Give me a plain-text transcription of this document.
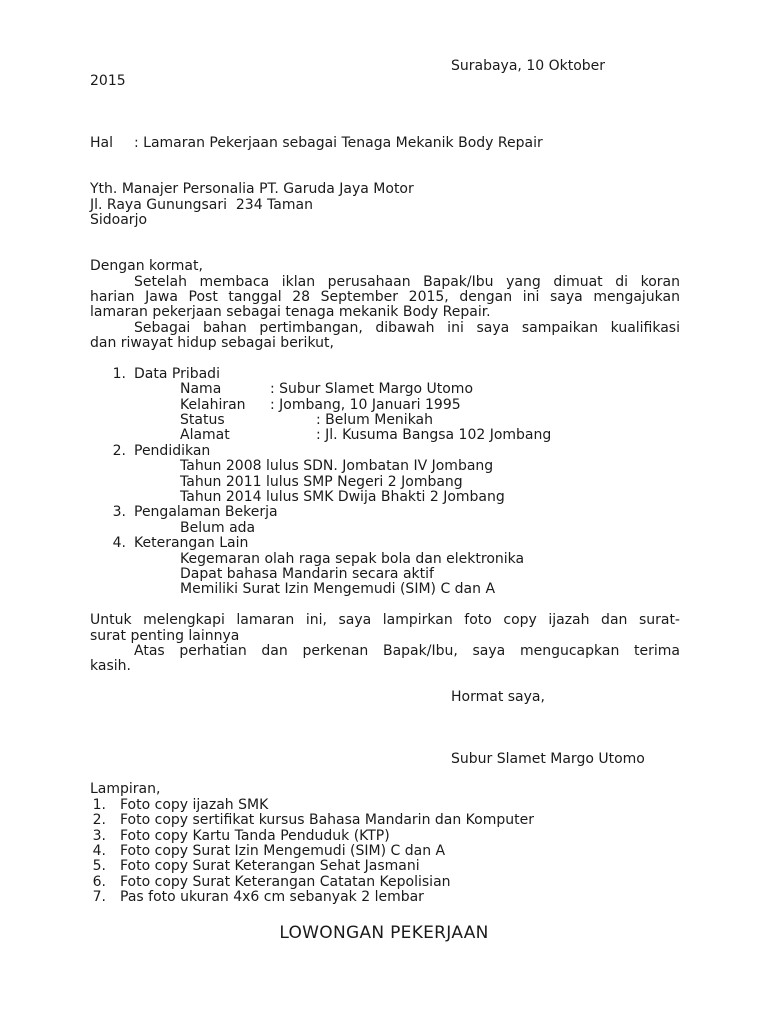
Surabaya, 10 Oktober
2015
Hal	: Lamaran Pekerjaan sebagai Tenaga Mekanik Body Repair
Yth. Manajer Personalia PT. Garuda Jaya Motor
Jl. Raya Gunungsari  234 Taman
Sidoarjo
Dengan kormat,
Setelah membaca iklan perusahaan Bapak/Ibu yang dimuat di koran
harian Jawa Post tanggal 28 September 2015, dengan ini saya mengajukan
lamaran pekerjaan sebagai tenaga mekanik Body Repair.
Sebagai bahan pertimbangan, dibawah ini saya sampaikan kualifikasi
dan riwayat hidup sebagai berikut,
1. Data Pribadi
Nama	: Subur Slamet Margo Utomo
Kelahiran	: Jombang, 10 Januari 1995
Status	: Belum Menikah
Alamat	: Jl. Kusuma Bangsa 102 Jombang
2. Pendidikan
Tahun 2008 lulus SDN. Jombatan IV Jombang
Tahun 2011 lulus SMP Negeri 2 Jombang
Tahun 2014 lulus SMK Dwija Bhakti 2 Jombang
3. Pengalaman Bekerja
Belum ada
4. Keterangan Lain
Kegemaran olah raga sepak bola dan elektronika
Dapat bahasa Mandarin secara aktif
Memiliki Surat Izin Mengemudi (SIM) C dan A
Untuk melengkapi lamaran ini, saya lampirkan foto copy ijazah dan surat-
surat penting lainnya
Atas perhatian dan perkenan Bapak/Ibu, saya mengucapkan terima
kasih.
Hormat saya,
Subur Slamet Margo Utomo
Lampiran,
1.	Foto copy ijazah SMK
2.	Foto copy sertifikat kursus Bahasa Mandarin dan Komputer
3.	Foto copy Kartu Tanda Penduduk (KTP)
4.	Foto copy Surat Izin Mengemudi (SIM) C dan A
5.	Foto copy Surat Keterangan Sehat Jasmani
6.	Foto copy Surat Keterangan Catatan Kepolisian
7.	Pas foto ukuran 4x6 cm sebanyak 2 lembar
LOWONGAN PEKERJAAN
